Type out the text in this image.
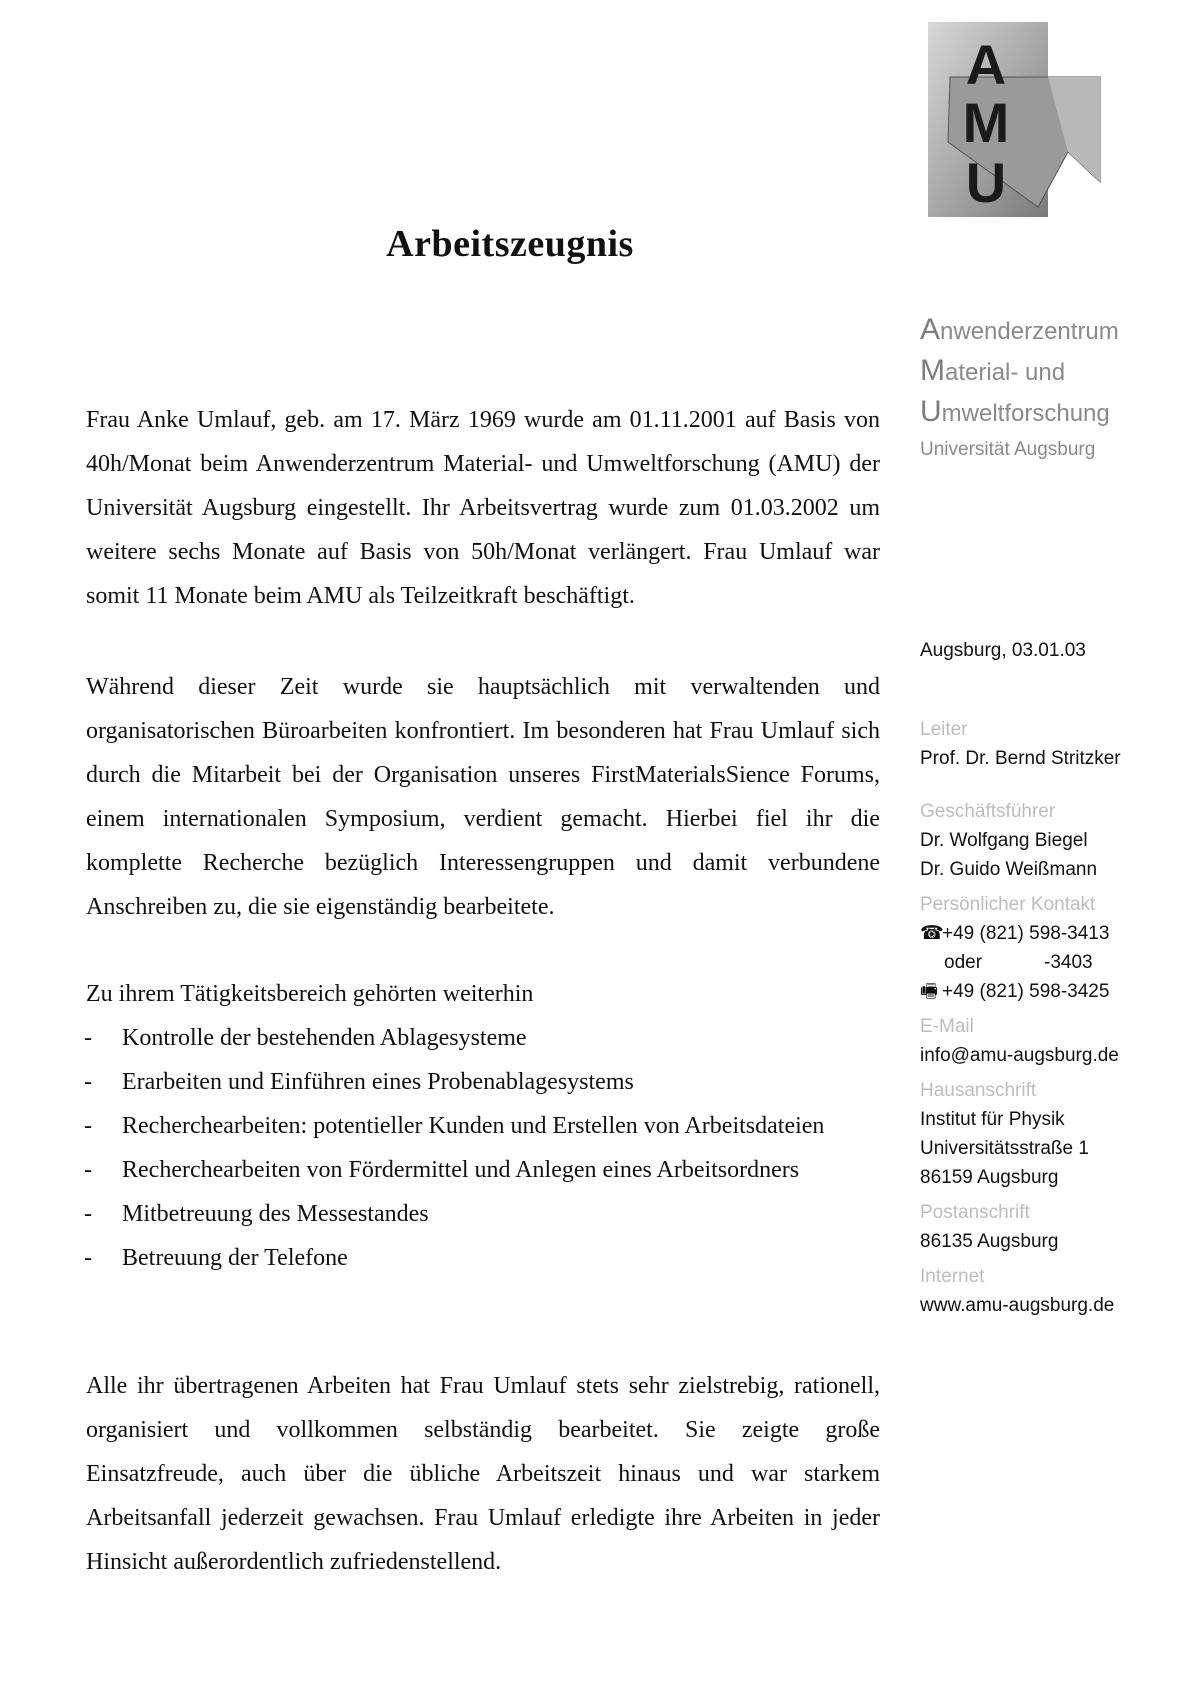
A
M
U
Arbeitszeugnis

Frau Anke Umlauf, geb. am 17. März 1969 wurde am 01.11.2001 auf Basis von 40h/Monat beim Anwenderzentrum Material- und Umweltforschung (AMU) der Universität Augsburg eingestellt. Ihr Arbeitsvertrag wurde zum 01.03.2002 um weitere sechs Monate auf Basis von 50h/Monat verlängert. Frau Umlauf war somit 11 Monate beim AMU als Teilzeitkraft beschäftigt.

Während dieser Zeit wurde sie hauptsächlich mit verwaltenden und organisatorischen Büroarbeiten konfrontiert. Im besonderen hat Frau Umlauf sich durch die Mitarbeit bei der Organisation unseres FirstMaterialsSience Forums, einem internationalen Symposium, verdient gemacht. Hierbei fiel ihr die komplette Recherche bezüglich Interessengruppen und damit verbundene Anschreiben zu, die sie eigenständig bearbeitete.

Zu ihrem Tätigkeitsbereich gehörten weiterhin

- Kontrolle der bestehenden Ablagesysteme
- Erarbeiten und Einführen eines Probenablagesystems
- Recherchearbeiten: potentieller Kunden und Erstellen von Arbeitsdateien
- Recherchearbeiten von Fördermittel und Anlegen eines Arbeitsordners
- Mitbetreuung des Messestandes
- Betreuung der Telefone

Alle ihr übertragenen Arbeiten hat Frau Umlauf stets sehr zielstrebig, rationell, organisiert und vollkommen selbständig bearbeitet. Sie zeigte große Einsatzfreude, auch über die übliche Arbeitszeit hinaus und war starkem Arbeitsanfall jederzeit gewachsen. Frau Umlauf erledigte ihre Arbeiten in jeder Hinsicht außerordentlich zufriedenstellend.

Anwenderzentrum
Material- und
Umweltforschung
Universität Augsburg
Augsburg, 03.01.03
Leiter
Prof. Dr. Bernd Stritzker
Geschäftsführer
Dr. Wolfgang Biegel
Dr. Guido Weißmann
Persönlicher Kontakt
☎+49 (821) 598-3413
oder	-3403
🖷 +49 (821) 598-3425
E-Mail
info@amu-augsburg.de
Hausanschrift
Institut für Physik
Universitätsstraße 1
86159 Augsburg
Postanschrift
86135 Augsburg
Internet
www.amu-augsburg.de
